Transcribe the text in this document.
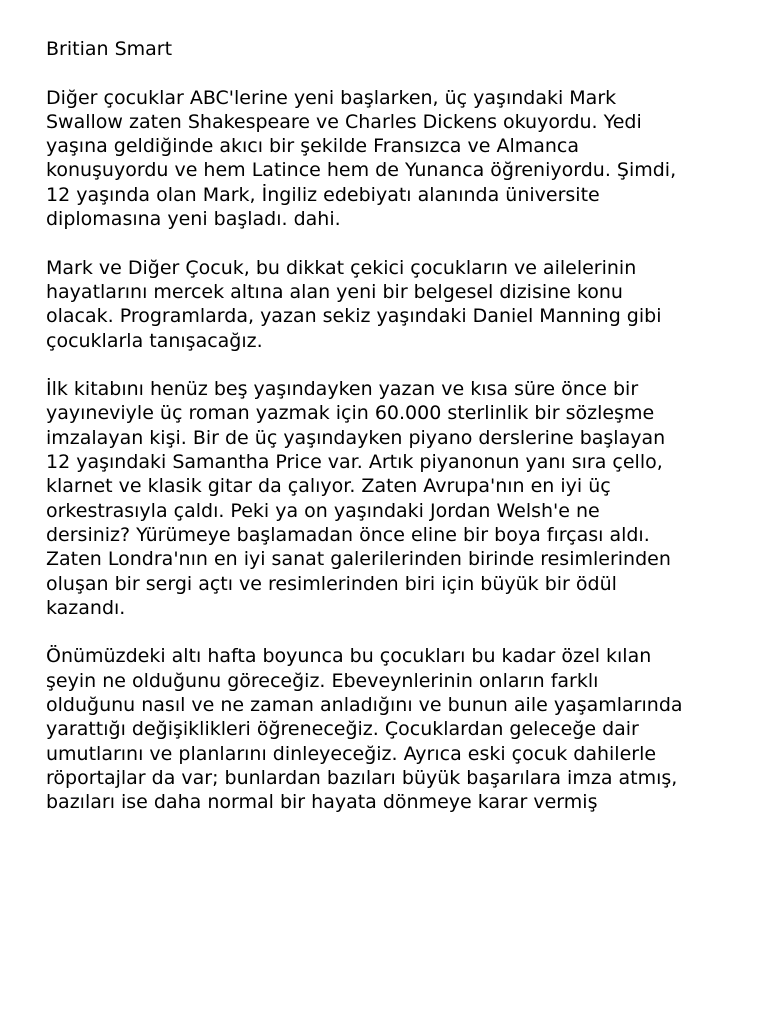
Britian Smart

Diğer çocuklar ABC'lerine yeni başlarken, üç yaşındaki Mark
Swallow zaten Shakespeare ve Charles Dickens okuyordu. Yedi
yaşına geldiğinde akıcı bir şekilde Fransızca ve Almanca
konuşuyordu ve hem Latince hem de Yunanca öğreniyordu. Şimdi,
12 yaşında olan Mark, İngiliz edebiyatı alanında üniversite
diplomasına yeni başladı. dahi.

Mark ve Diğer Çocuk, bu dikkat çekici çocukların ve ailelerinin
hayatlarını mercek altına alan yeni bir belgesel dizisine konu
olacak. Programlarda, yazan sekiz yaşındaki Daniel Manning gibi
çocuklarla tanışacağız.

İlk kitabını henüz beş yaşındayken yazan ve kısa süre önce bir
yayıneviyle üç roman yazmak için 60.000 sterlinlik bir sözleşme
imzalayan kişi. Bir de üç yaşındayken piyano derslerine başlayan
12 yaşındaki Samantha Price var. Artık piyanonun yanı sıra çello,
klarnet ve klasik gitar da çalıyor. Zaten Avrupa'nın en iyi üç
orkestrasıyla çaldı. Peki ya on yaşındaki Jordan Welsh'e ne
dersiniz? Yürümeye başlamadan önce eline bir boya fırçası aldı.
Zaten Londra'nın en iyi sanat galerilerinden birinde resimlerinden
oluşan bir sergi açtı ve resimlerinden biri için büyük bir ödül
kazandı.

Önümüzdeki altı hafta boyunca bu çocukları bu kadar özel kılan
şeyin ne olduğunu göreceğiz. Ebeveynlerinin onların farklı
olduğunu nasıl ve ne zaman anladığını ve bunun aile yaşamlarında
yarattığı değişiklikleri öğreneceğiz. Çocuklardan geleceğe dair
umutlarını ve planlarını dinleyeceğiz. Ayrıca eski çocuk dahilerle
röportajlar da var; bunlardan bazıları büyük başarılara imza atmış,
bazıları ise daha normal bir hayata dönmeye karar vermiş
